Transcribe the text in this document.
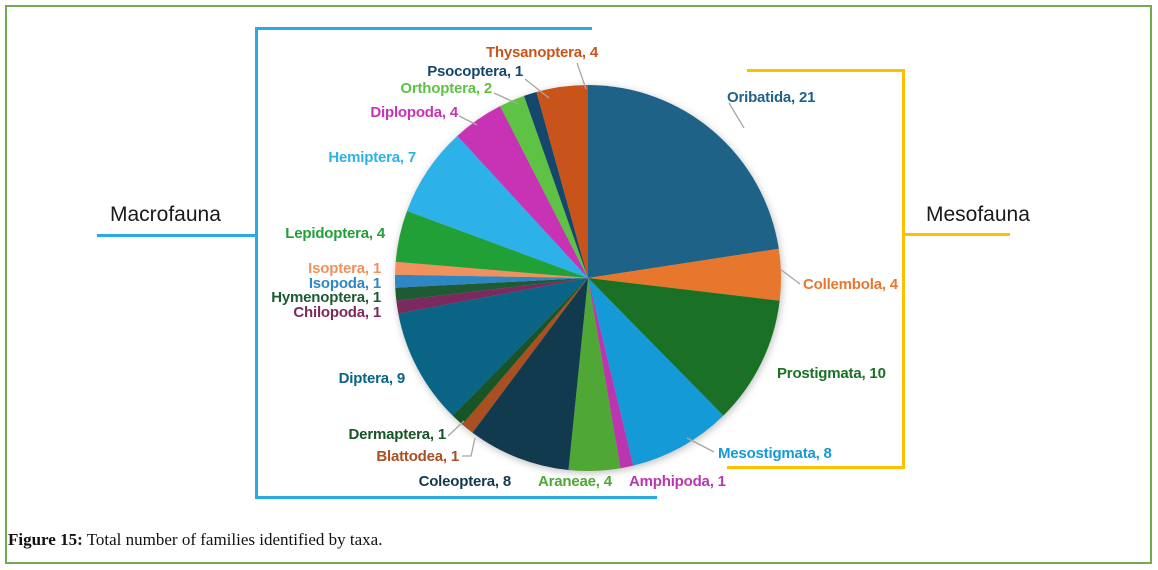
Macrofauna	Mesofauna
Oribatida, 21
Collembola, 4
Prostigmata, 10
Mesostigmata, 8
Amphipoda, 1
Araneae, 4
Coleoptera, 8
Blattodea, 1
Dermaptera, 1
Diptera, 9
Chilopoda, 1
Hymenoptera, 1
Isopoda, 1
Isoptera, 1
Lepidoptera, 4
Hemiptera, 7
Diplopoda, 4
Orthoptera, 2
Psocoptera, 1
Thysanoptera, 4
Figure 15: Total number of families identified by taxa.
